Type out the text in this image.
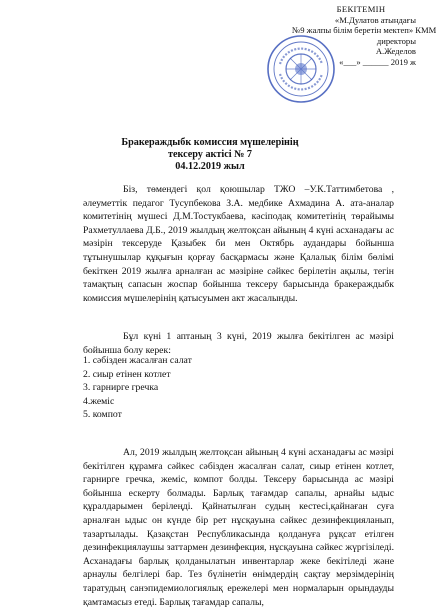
БЕКІТЕМІН
«М.Дулатов атындағы
№9 жалпы білім беретін мектеп» КММ
директоры
А.Жеделов
«___» ______ 2019 ж
Бракераждыбк комиссия мүшелерінің
тексеру актісі № 7
04.12.2019 жыл
Біз, төмендегі қол қоюшылар ТЖО –У.К.Таттимбетова , әлеуметтік педагог Тусупбекова З.А. медбике Ахмадина А. ата-аналар комитетінің мүшесі Д.М.Тостукбаева, кәсіподақ комитетінің төрайымы Рахметуллаева Д.Б., 2019 жылдың желтоқсан айының 4 күні асханадағы ас мәзірін тексеруде Қазыбек би мен Октябрь аудандары бойынша тұтынушылар құқығын қорғау басқармасы және Қалалық білім бөлімі бекіткен 2019 жылға арналған ас мәзіріне сәйкес берілетін ақылы, тегін тамақтың сапасын жоспар бойынша тексеру барысында бракераждыбк комиссия мүшелерінің қатысуымен акт жасалынды.
Бұл күні 1 аптаның 3 күні, 2019 жылға бекітілген ас мәзірі бойынша болу керек:
1. сәбізден жасалған салат
2. сиыр етінен котлет
3. гарнирге гречка
4.жеміс
5. компот
Ал, 2019 жылдың желтоқсан айының 4 күні асханадағы ас мәзірі бекітілген құрамға сәйкес сәбізден жасалған салат, сиыр етінен котлет, гарнирге гречка, жеміс, компот болды. Тексеру барысында ас мәзірі бойынша ескерту болмады. Барлық тағамдар сапалы, арнайы ыдыс құралдарымен берілеңді. Қайнатылған судың кестесі,қайнаған суға арналған ыдыс он күнде бір рет нұсқауына сәйкес дезинфекцияланып, тазартылады. Қазақстан Республикасында қолдануға рұқсат етілген дезинфекциялаушы заттармен дезинфекция, нұсқауына сәйкес жүргізіледі. Асханадағы барлық қолданылатын инвентарлар жеке бекітіледі және арнаулы белгілері бар. Тез бүлінетін өнімдердің сақтау мерзімдерінің таратудың санэпидемиологиялық ережелері мен нормаларын орындауды қамтамасыз етеді. Барлық тағамдар сапалы,
